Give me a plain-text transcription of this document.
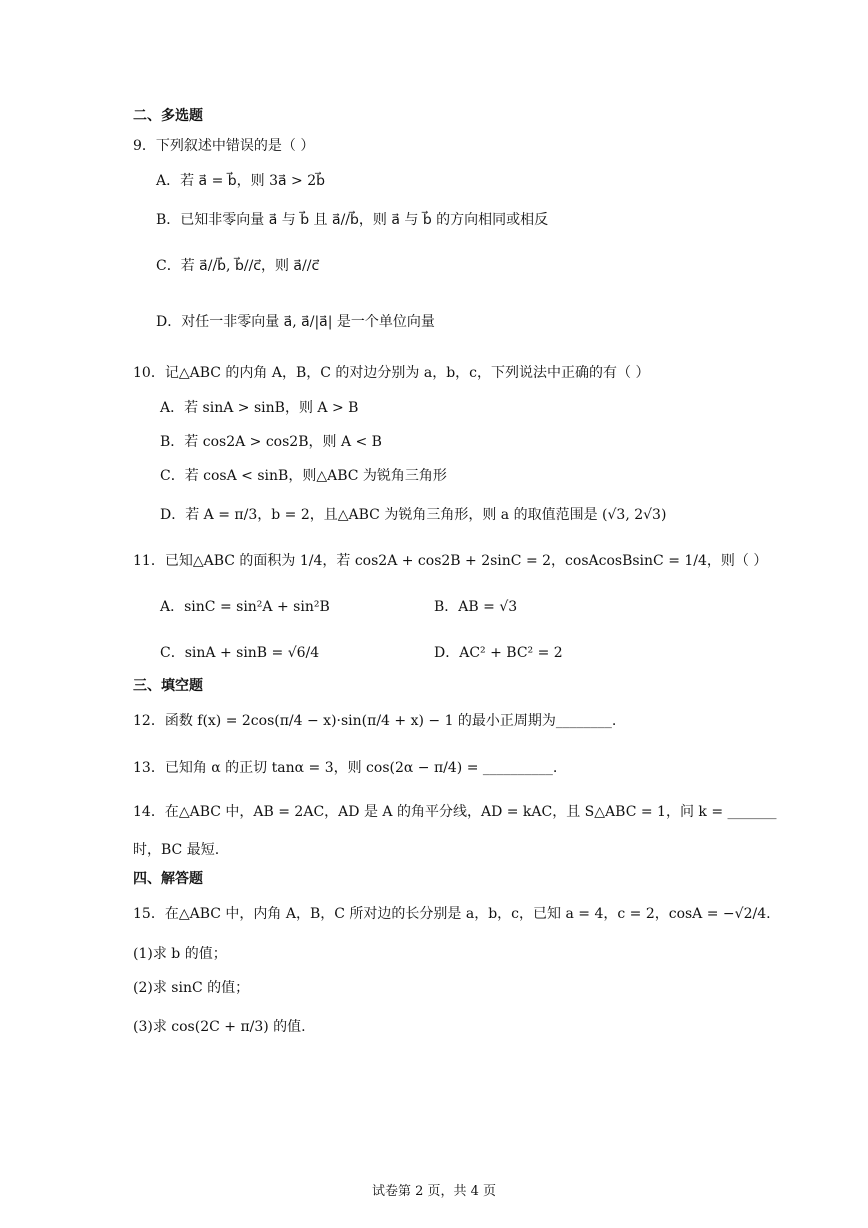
二、多选题
9．下列叙述中错误的是（ ）
A．若 a⃗ = b⃗，则 3a⃗ > 2b⃗
B．已知非零向量 a⃗ 与 b⃗ 且 a⃗//b⃗，则 a⃗ 与 b⃗ 的方向相同或相反
C．若 a⃗//b⃗, b⃗//c⃗，则 a⃗//c⃗
D．对任一非零向量 a⃗, a⃗/|a⃗| 是一个单位向量
10．记△ABC 的内角 A，B，C 的对边分别为 a，b，c，下列说法中正确的有（ ）
A．若 sinA > sinB，则 A > B
B．若 cos2A > cos2B，则 A < B
C．若 cosA < sinB，则△ABC 为锐角三角形
D．若 A = π/3，b = 2，且△ABC 为锐角三角形，则 a 的取值范围是 (√3, 2√3)
11．已知△ABC 的面积为 1/4，若 cos2A + cos2B + 2sinC = 2，cosAcosBsinC = 1/4，则（ ）
A．sinC = sin²A + sin²B	B．AB = √3
C．sinA + sinB = √6/4	D．AC² + BC² = 2
三、填空题
12．函数 f(x) = 2cos(π/4 − x)·sin(π/4 + x) − 1 的最小正周期为________.
13．已知角 α 的正切 tanα = 3，则 cos(2α − π/4) = __________.
14．在△ABC 中，AB = 2AC，AD 是 A 的角平分线，AD = kAC，且 S△ABC = 1，问 k = _______
时，BC 最短.
四、解答题
15．在△ABC 中，内角 A，B，C 所对边的长分别是 a，b，c，已知 a = 4，c = 2，cosA = −√2/4.
(1)求 b 的值；
(2)求 sinC 的值；
(3)求 cos(2C + π/3) 的值.
试卷第 2 页，共 4 页
